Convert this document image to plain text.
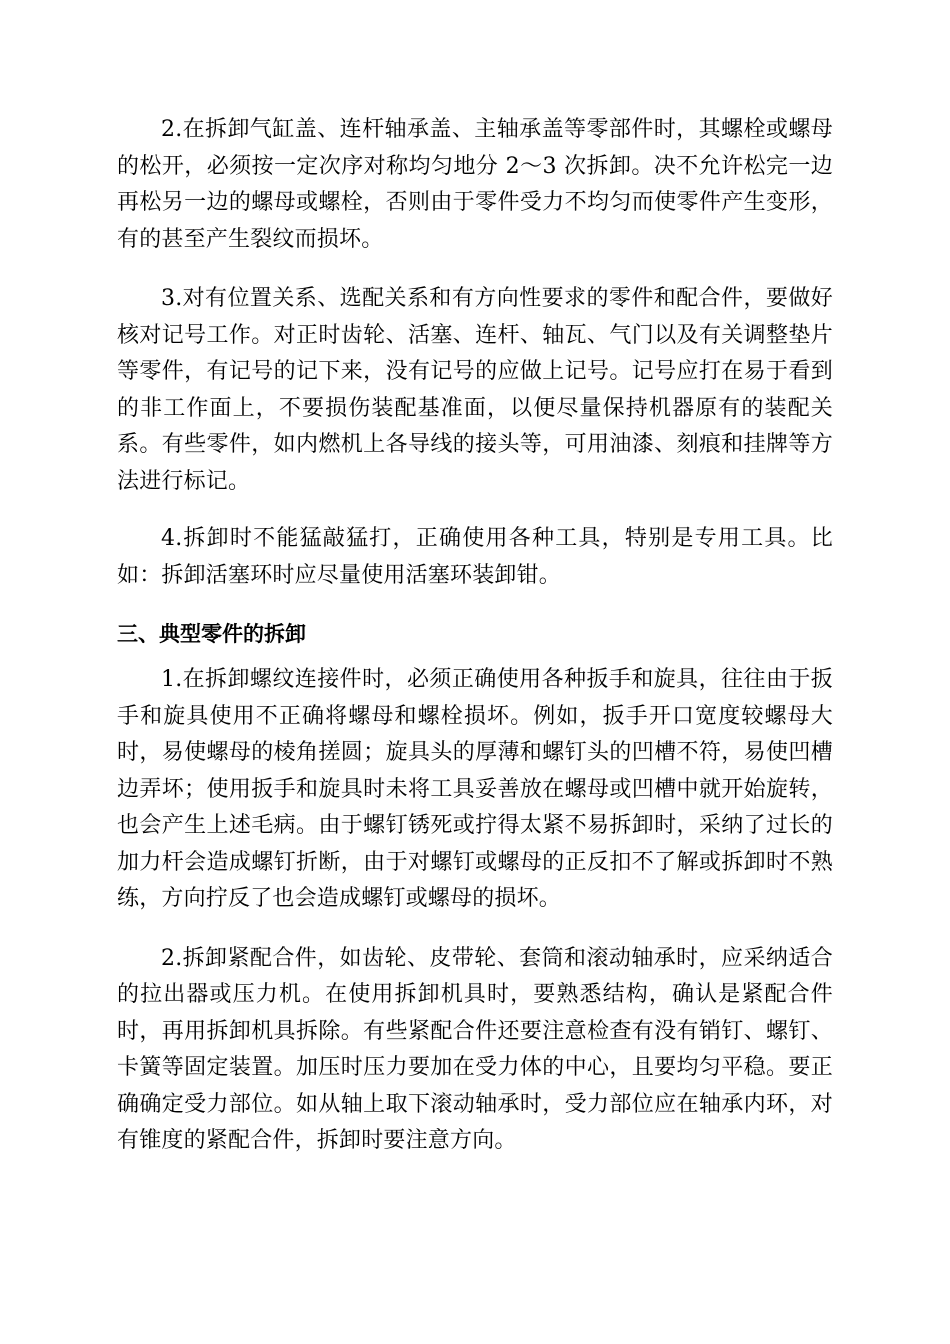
2.在拆卸气缸盖、连杆轴承盖、主轴承盖等零部件时，其螺栓或螺母的松开，必须按一定次序对称均匀地分 2～3 次拆卸。决不允许松完一边再松另一边的螺母或螺栓，否则由于零件受力不均匀而使零件产生变形，有的甚至产生裂纹而损坏。

3.对有位置关系、选配关系和有方向性要求的零件和配合件，要做好核对记号工作。对正时齿轮、活塞、连杆、轴瓦、气门以及有关调整垫片等零件，有记号的记下来，没有记号的应做上记号。记号应打在易于看到的非工作面上，不要损伤装配基准面，以便尽量保持机器原有的装配关系。有些零件，如内燃机上各导线的接头等，可用油漆、刻痕和挂牌等方法进行标记。

4.拆卸时不能猛敲猛打，正确使用各种工具，特别是专用工具。比如：拆卸活塞环时应尽量使用活塞环装卸钳。

三、典型零件的拆卸

1.在拆卸螺纹连接件时，必须正确使用各种扳手和旋具，往往由于扳手和旋具使用不正确将螺母和螺栓损坏。例如，扳手开口宽度较螺母大时，易使螺母的棱角搓圆；旋具头的厚薄和螺钉头的凹槽不符，易使凹槽边弄坏；使用扳手和旋具时未将工具妥善放在螺母或凹槽中就开始旋转，也会产生上述毛病。由于螺钉锈死或拧得太紧不易拆卸时，采纳了过长的加力杆会造成螺钉折断，由于对螺钉或螺母的正反扣不了解或拆卸时不熟练，方向拧反了也会造成螺钉或螺母的损坏。

2.拆卸紧配合件，如齿轮、皮带轮、套筒和滚动轴承时，应采纳适合的拉出器或压力机。在使用拆卸机具时，要熟悉结构，确认是紧配合件时，再用拆卸机具拆除。有些紧配合件还要注意检查有没有销钉、螺钉、卡簧等固定装置。加压时压力要加在受力体的中心，且要均匀平稳。要正确确定受力部位。如从轴上取下滚动轴承时，受力部位应在轴承内环，对有锥度的紧配合件，拆卸时要注意方向。
